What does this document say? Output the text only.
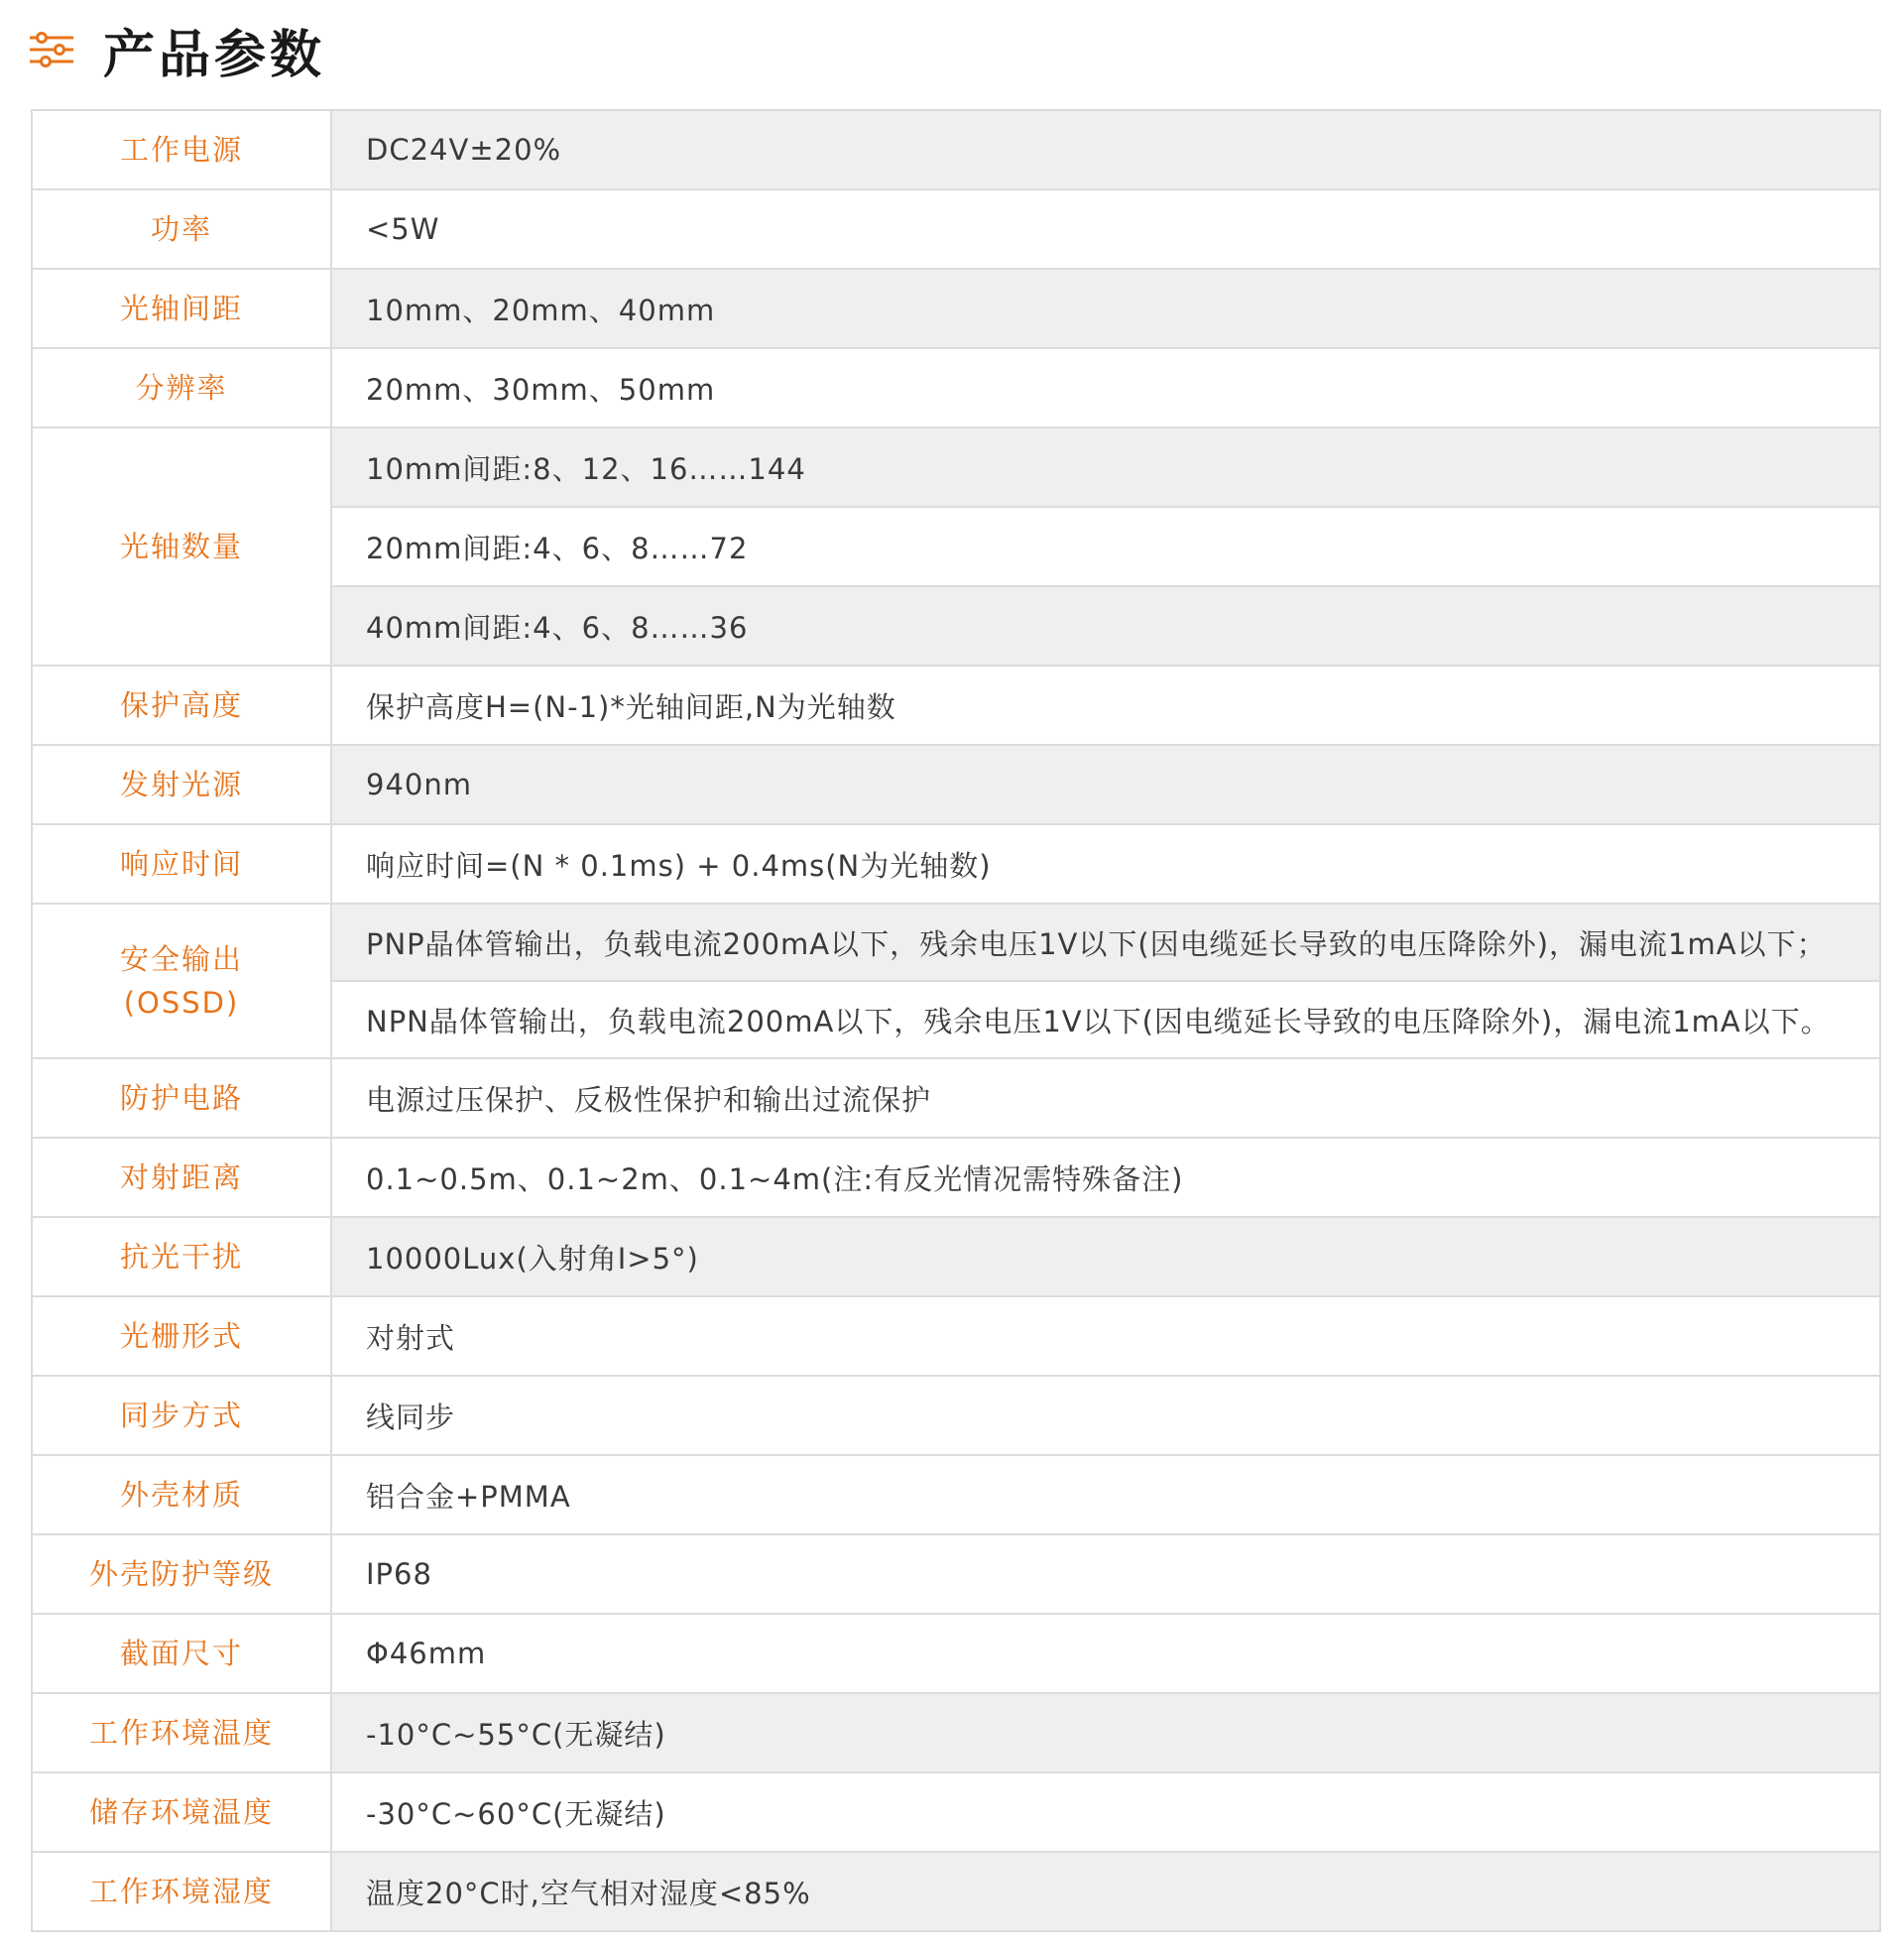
产品参数
工作电源	DC24V±20%
功率	<5W
光轴间距	10mm、20mm、40mm
分辨率	20mm、30mm、50mm
光轴数量	10mm间距:8、12、16……144
	20mm间距:4、6、8……72
	40mm间距:4、6、8……36
保护高度	保护高度H=(N-1)*光轴间距,N为光轴数
发射光源	940nm
响应时间	响应时间=(N * 0.1ms) + 0.4ms(N为光轴数)

安全输出
(OSSD)	PNP晶体管输出，负载电流200mA以下，残余电压1V以下(因电缆延长导致的电压降除外)，漏电流1mA以下；
	NPN晶体管输出，负载电流200mA以下，残余电压1V以下(因电缆延长导致的电压降除外)，漏电流1mA以下。
防护电路	电源过压保护、反极性保护和输出过流保护
对射距离	0.1~0.5m、0.1~2m、0.1~4m(注:有反光情况需特殊备注)
抗光干扰	10000Lux(入射角I>5°)
光栅形式	对射式
同步方式	线同步
外壳材质	铝合金+PMMA
外壳防护等级	IP68
截面尺寸	Φ46mm
工作环境温度	-10°C~55°C(无凝结)
储存环境温度	-30°C~60°C(无凝结)
工作环境湿度	温度20°C时,空气相对湿度<85%
